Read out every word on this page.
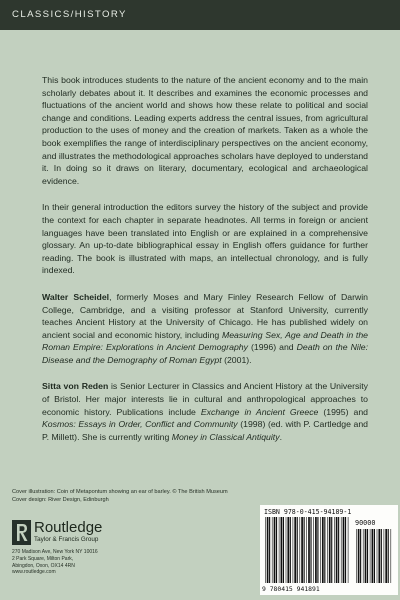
CLASSICS/HISTORY

This book introduces students to the nature of the ancient economy and to the main scholarly debates about it. It describes and examines the economic processes and fluctuations of the ancient world and shows how these relate to political and social change and conditions. Leading experts address the central issues, from agricultural production to the uses of money and the creation of markets. Taken as a whole the book exemplifies the range of interdisciplinary perspectives on the ancient economy, and illustrates the methodological approaches scholars have deployed to understand it. In doing so it draws on literary, documentary, ecological and archaeological evidence.

In their general introduction the editors survey the history of the subject and provide the context for each chapter in separate headnotes. All terms in foreign or ancient languages have been translated into English or are explained in a comprehensive glossary. An up-to-date bibliographical essay in English offers guidance for further reading. The book is illustrated with maps, an intellectual chronology, and is fully indexed.

Walter Scheidel, formerly Moses and Mary Finley Research Fellow of Darwin College, Cambridge, and a visiting professor at Stanford University, currently teaches Ancient History at the University of Chicago. He has published widely on ancient social and economic history, including Measuring Sex, Age and Death in the Roman Empire: Explorations in Ancient Demography (1996) and Death on the Nile: Disease and the Demography of Roman Egypt (2001).

Sitta von Reden is Senior Lecturer in Classics and Ancient History at the University of Bristol. Her major interests lie in cultural and anthropological approaches to economic history. Publications include Exchange in Ancient Greece (1995) and Kosmos: Essays in Order, Conflict and Community (1998) (ed. with P. Cartledge and P. Millett). She is currently writing Money in Classical Antiquity.

Cover illustration: Coin of Metapontum showing an ear of barley. © The British Museum
Cover design: River Design, Edinburgh
Routledge
Taylor & Francis Group
270 Madison Ave, New York NY 10016
2 Park Square, Milton Park,
Abingdon, Oxon, OX14 4RN
www.routledge.com
ISBN 978-0-415-94189-1
90000
9 780415 941891
